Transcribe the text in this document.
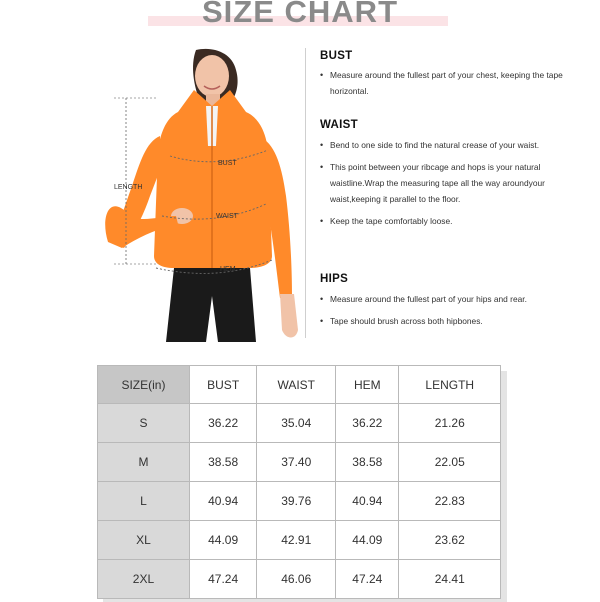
SIZE CHART
BUST
LENGTH
WAIST
HEM
BUST
• Measure around the fullest part of your chest, keeping the tape horizontal.
WAIST
• Bend to one side to find the natural crease of your waist.
• This point between your ribcage and hops is your natural waistline.Wrap the measuring tape all the way aroundyour waist,keeping it parallel to the floor.
• Keep the tape comfortably loose.
HIPS
• Measure around the fullest part of your hips and rear.
• Tape should brush across both hipbones.
SIZE(in)	BUST	WAIST	HEM	LENGTH
S	36.22	35.04	36.22	21.26
M	38.58	37.40	38.58	22.05
L	40.94	39.76	40.94	22.83
XL	44.09	42.91	44.09	23.62
2XL	47.24	46.06	47.24	24.41
